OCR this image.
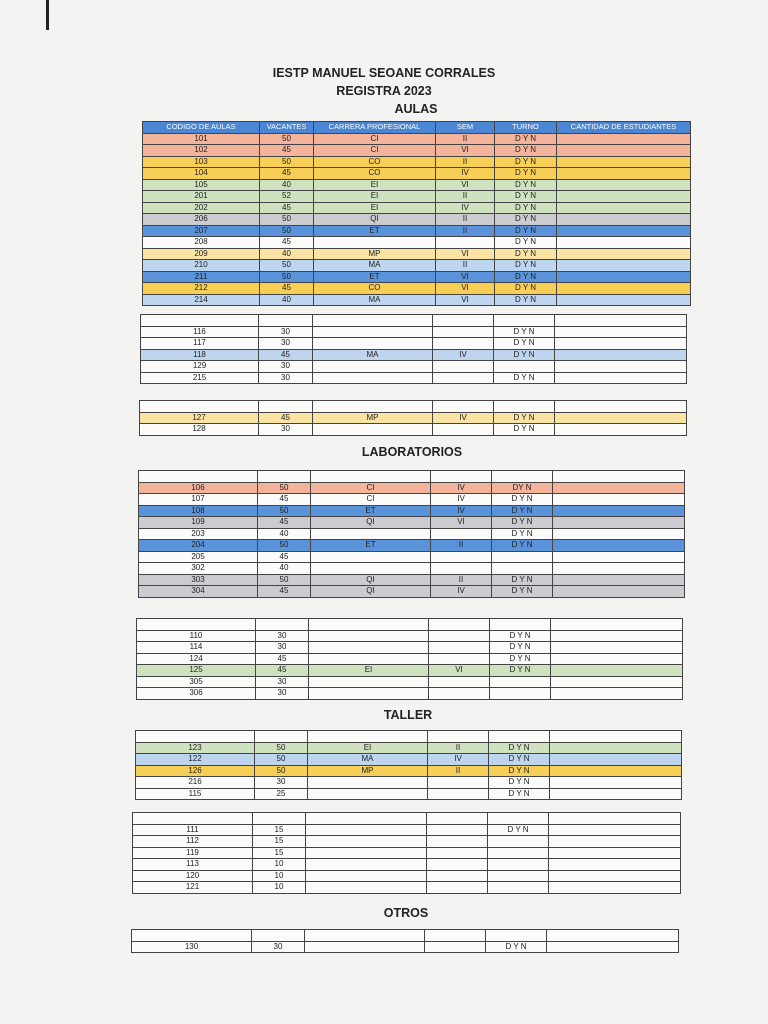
IESTP MANUEL SEOANE CORRALES
REGISTRA 2023
AULAS
CODIGO DE AULAS	VACANTES	CARRERA PROFESIONAL	SEM	TURNO	CANTIDAD DE ESTUDIANTES
101	50	CI	II	D Y N	
102	45	CI	VI	D Y N	
103	50	CO	II	D Y N	
104	45	CO	IV	D Y N	
105	40	EI	VI	D Y N	
201	52	EI	II	D Y N	
202	45	EI	IV	D Y N	
206	50	QI	II	D Y N	
207	50	ET	II	D Y N	
208	45			D Y N	
209	40	MP	VI	D Y N	
210	50	MA	II	D Y N	
211	50	ET	VI	D Y N	
212	45	CO	VI	D Y N	
214	40	MA	VI	D Y N	

116	30			D Y N	
117	30			D Y N	
118	45	MA	IV	D Y N	
129	30				
215	30			D Y N	

127	45	MP	IV	D Y N	
128	30			D Y N	
LABORATORIOS

106	50	CI	IV	DY N	
107	45	CI	IV	D Y N	
108	50	ET	IV	D Y N	
109	45	QI	VI	D Y N	
203	40			D Y N	
204	50	ET	II	D Y N	
205	45				
302	40				
303	50	QI	II	D Y N	
304	45	QI	IV	D Y N	

110	30			D Y N	
114	30			D Y N	
124	45			D Y N	
125	45	EI	VI	D Y N	
305	30				
306	30				
TALLER

123	50	EI	II	D Y N	
122	50	MA	IV	D Y N	
126	50	MP	II	D Y N	
216	30			D Y N	
115	25			D Y N	

111	15			D Y N	
112	15				
119	15				
113	10				
120	10				
121	10				
OTROS

130	30			D Y N	
